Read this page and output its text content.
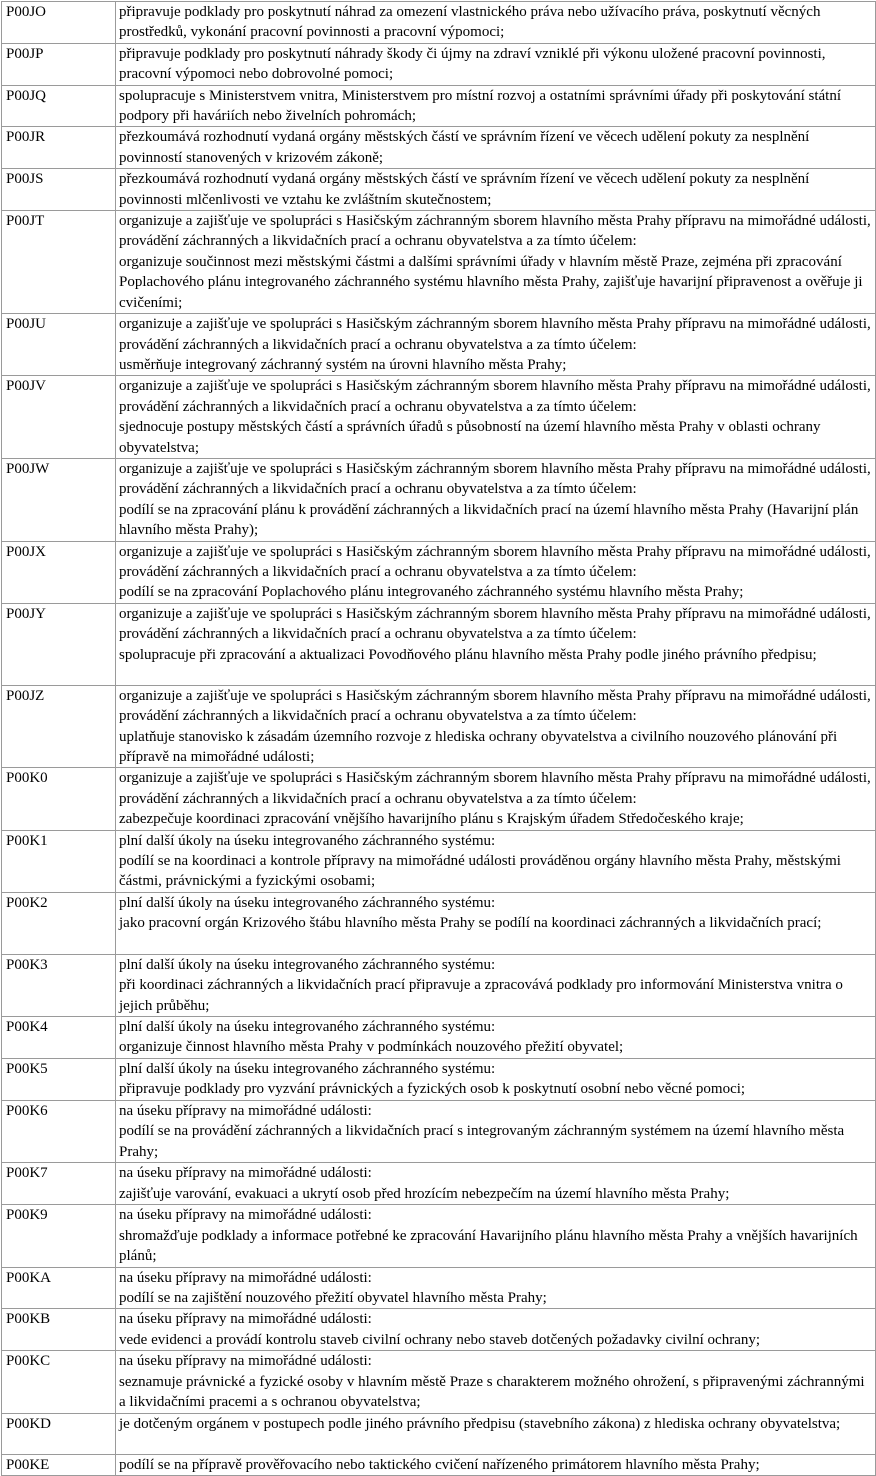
P00JO	připravuje podklady pro poskytnutí náhrad za omezení vlastnického práva nebo užívacího práva, poskytnutí věcných prostředků, vykonání pracovní povinnosti a pracovní výpomoci;

P00JP	připravuje podklady pro poskytnutí náhrady škody či újmy na zdraví vzniklé při výkonu uložené pracovní povinnosti, pracovní výpomoci nebo dobrovolné pomoci;

P00JQ	spolupracuje s Ministerstvem vnitra, Ministerstvem pro místní rozvoj a ostatními správními úřady při poskytování státní podpory při haváriích nebo živelních pohromách;

P00JR	přezkoumává rozhodnutí vydaná orgány městských částí ve správním řízení ve věcech udělení pokuty za nesplnění povinností stanovených v krizovém zákoně;

P00JS	přezkoumává rozhodnutí vydaná orgány městských částí ve správním řízení ve věcech udělení pokuty za nesplnění povinnosti mlčenlivosti ve vztahu ke zvláštním skutečnostem;

P00JT	organizuje a zajišťuje ve spolupráci s Hasičským záchranným sborem hlavního města Prahy přípravu na mimořádné události, provádění záchranných a likvidačních prací a ochranu obyvatelstva a za tímto účelem:
organizuje součinnost mezi městskými částmi a dalšími správními úřady v hlavním městě Praze, zejména při zpracování Poplachového plánu integrovaného záchranného systému hlavního města Prahy, zajišťuje havarijní připravenost a ověřuje ji cvičeními;

P00JU	organizuje a zajišťuje ve spolupráci s Hasičským záchranným sborem hlavního města Prahy přípravu na mimořádné události, provádění záchranných a likvidačních prací a ochranu obyvatelstva a za tímto účelem:
usměrňuje integrovaný záchranný systém na úrovni hlavního města Prahy;

P00JV	organizuje a zajišťuje ve spolupráci s Hasičským záchranným sborem hlavního města Prahy přípravu na mimořádné události, provádění záchranných a likvidačních prací a ochranu obyvatelstva a za tímto účelem:
sjednocuje postupy městských částí a správních úřadů s působností na území hlavního města Prahy v oblasti ochrany obyvatelstva;

P00JW	organizuje a zajišťuje ve spolupráci s Hasičským záchranným sborem hlavního města Prahy přípravu na mimořádné události, provádění záchranných a likvidačních prací a ochranu obyvatelstva a za tímto účelem:
podílí se na zpracování plánu k provádění záchranných a likvidačních prací na území hlavního města Prahy (Havarijní plán hlavního města Prahy);

P00JX	organizuje a zajišťuje ve spolupráci s Hasičským záchranným sborem hlavního města Prahy přípravu na mimořádné události, provádění záchranných a likvidačních prací a ochranu obyvatelstva a za tímto účelem:
podílí se na zpracování Poplachového plánu integrovaného záchranného systému hlavního města Prahy;

P00JY	organizuje a zajišťuje ve spolupráci s Hasičským záchranným sborem hlavního města Prahy přípravu na mimořádné události, provádění záchranných a likvidačních prací a ochranu obyvatelstva a za tímto účelem:
spolupracuje při zpracování a aktualizaci Povodňového plánu hlavního města Prahy podle jiného právního předpisu;

P00JZ	organizuje a zajišťuje ve spolupráci s Hasičským záchranným sborem hlavního města Prahy přípravu na mimořádné události, provádění záchranných a likvidačních prací a ochranu obyvatelstva a za tímto účelem:
uplatňuje stanovisko k zásadám územního rozvoje z hlediska ochrany obyvatelstva a civilního nouzového plánování při přípravě na mimořádné události;

P00K0	organizuje a zajišťuje ve spolupráci s Hasičským záchranným sborem hlavního města Prahy přípravu na mimořádné události, provádění záchranných a likvidačních prací a ochranu obyvatelstva a za tímto účelem:
zabezpečuje koordinaci zpracování vnějšího havarijního plánu s Krajským úřadem Středočeského kraje;

P00K1	plní další úkoly na úseku integrovaného záchranného systému:
podílí se na koordinaci a kontrole přípravy na mimořádné události prováděnou orgány hlavního města Prahy, městskými částmi, právnickými a fyzickými osobami;

P00K2	plní další úkoly na úseku integrovaného záchranného systému:
jako pracovní orgán Krizového štábu hlavního města Prahy se podílí na koordinaci záchranných a likvidačních prací;

P00K3	plní další úkoly na úseku integrovaného záchranného systému:
při koordinaci záchranných a likvidačních prací připravuje a zpracovává podklady pro informování Ministerstva vnitra o jejich průběhu;

P00K4	plní další úkoly na úseku integrovaného záchranného systému:
organizuje činnost hlavního města Prahy v podmínkách nouzového přežití obyvatel;

P00K5	plní další úkoly na úseku integrovaného záchranného systému:
připravuje podklady pro vyzvání právnických a fyzických osob k poskytnutí osobní nebo věcné pomoci;

P00K6	na úseku přípravy na mimořádné události:
podílí se na provádění záchranných a likvidačních prací s integrovaným záchranným systémem na území hlavního města Prahy;

P00K7	na úseku přípravy na mimořádné události:
zajišťuje varování, evakuaci a ukrytí osob před hrozícím nebezpečím na území hlavního města Prahy;

P00K9	na úseku přípravy na mimořádné události:
shromažďuje podklady a informace potřebné ke zpracování Havarijního plánu hlavního města Prahy a vnějších havarijních plánů;

P00KA	na úseku přípravy na mimořádné události:
podílí se na zajištění nouzového přežití obyvatel hlavního města Prahy;

P00KB	na úseku přípravy na mimořádné události:
vede evidenci a provádí kontrolu staveb civilní ochrany nebo staveb dotčených požadavky civilní ochrany;

P00KC	na úseku přípravy na mimořádné události:
seznamuje právnické a fyzické osoby v hlavním městě Praze s charakterem možného ohrožení, s připravenými záchrannými a likvidačními pracemi a s ochranou obyvatelstva;

P00KD	je dotčeným orgánem v postupech podle jiného právního předpisu (stavebního zákona) z hlediska ochrany obyvatelstva;

P00KE	podílí se na přípravě prověřovacího nebo taktického cvičení nařízeného primátorem hlavního města Prahy;
